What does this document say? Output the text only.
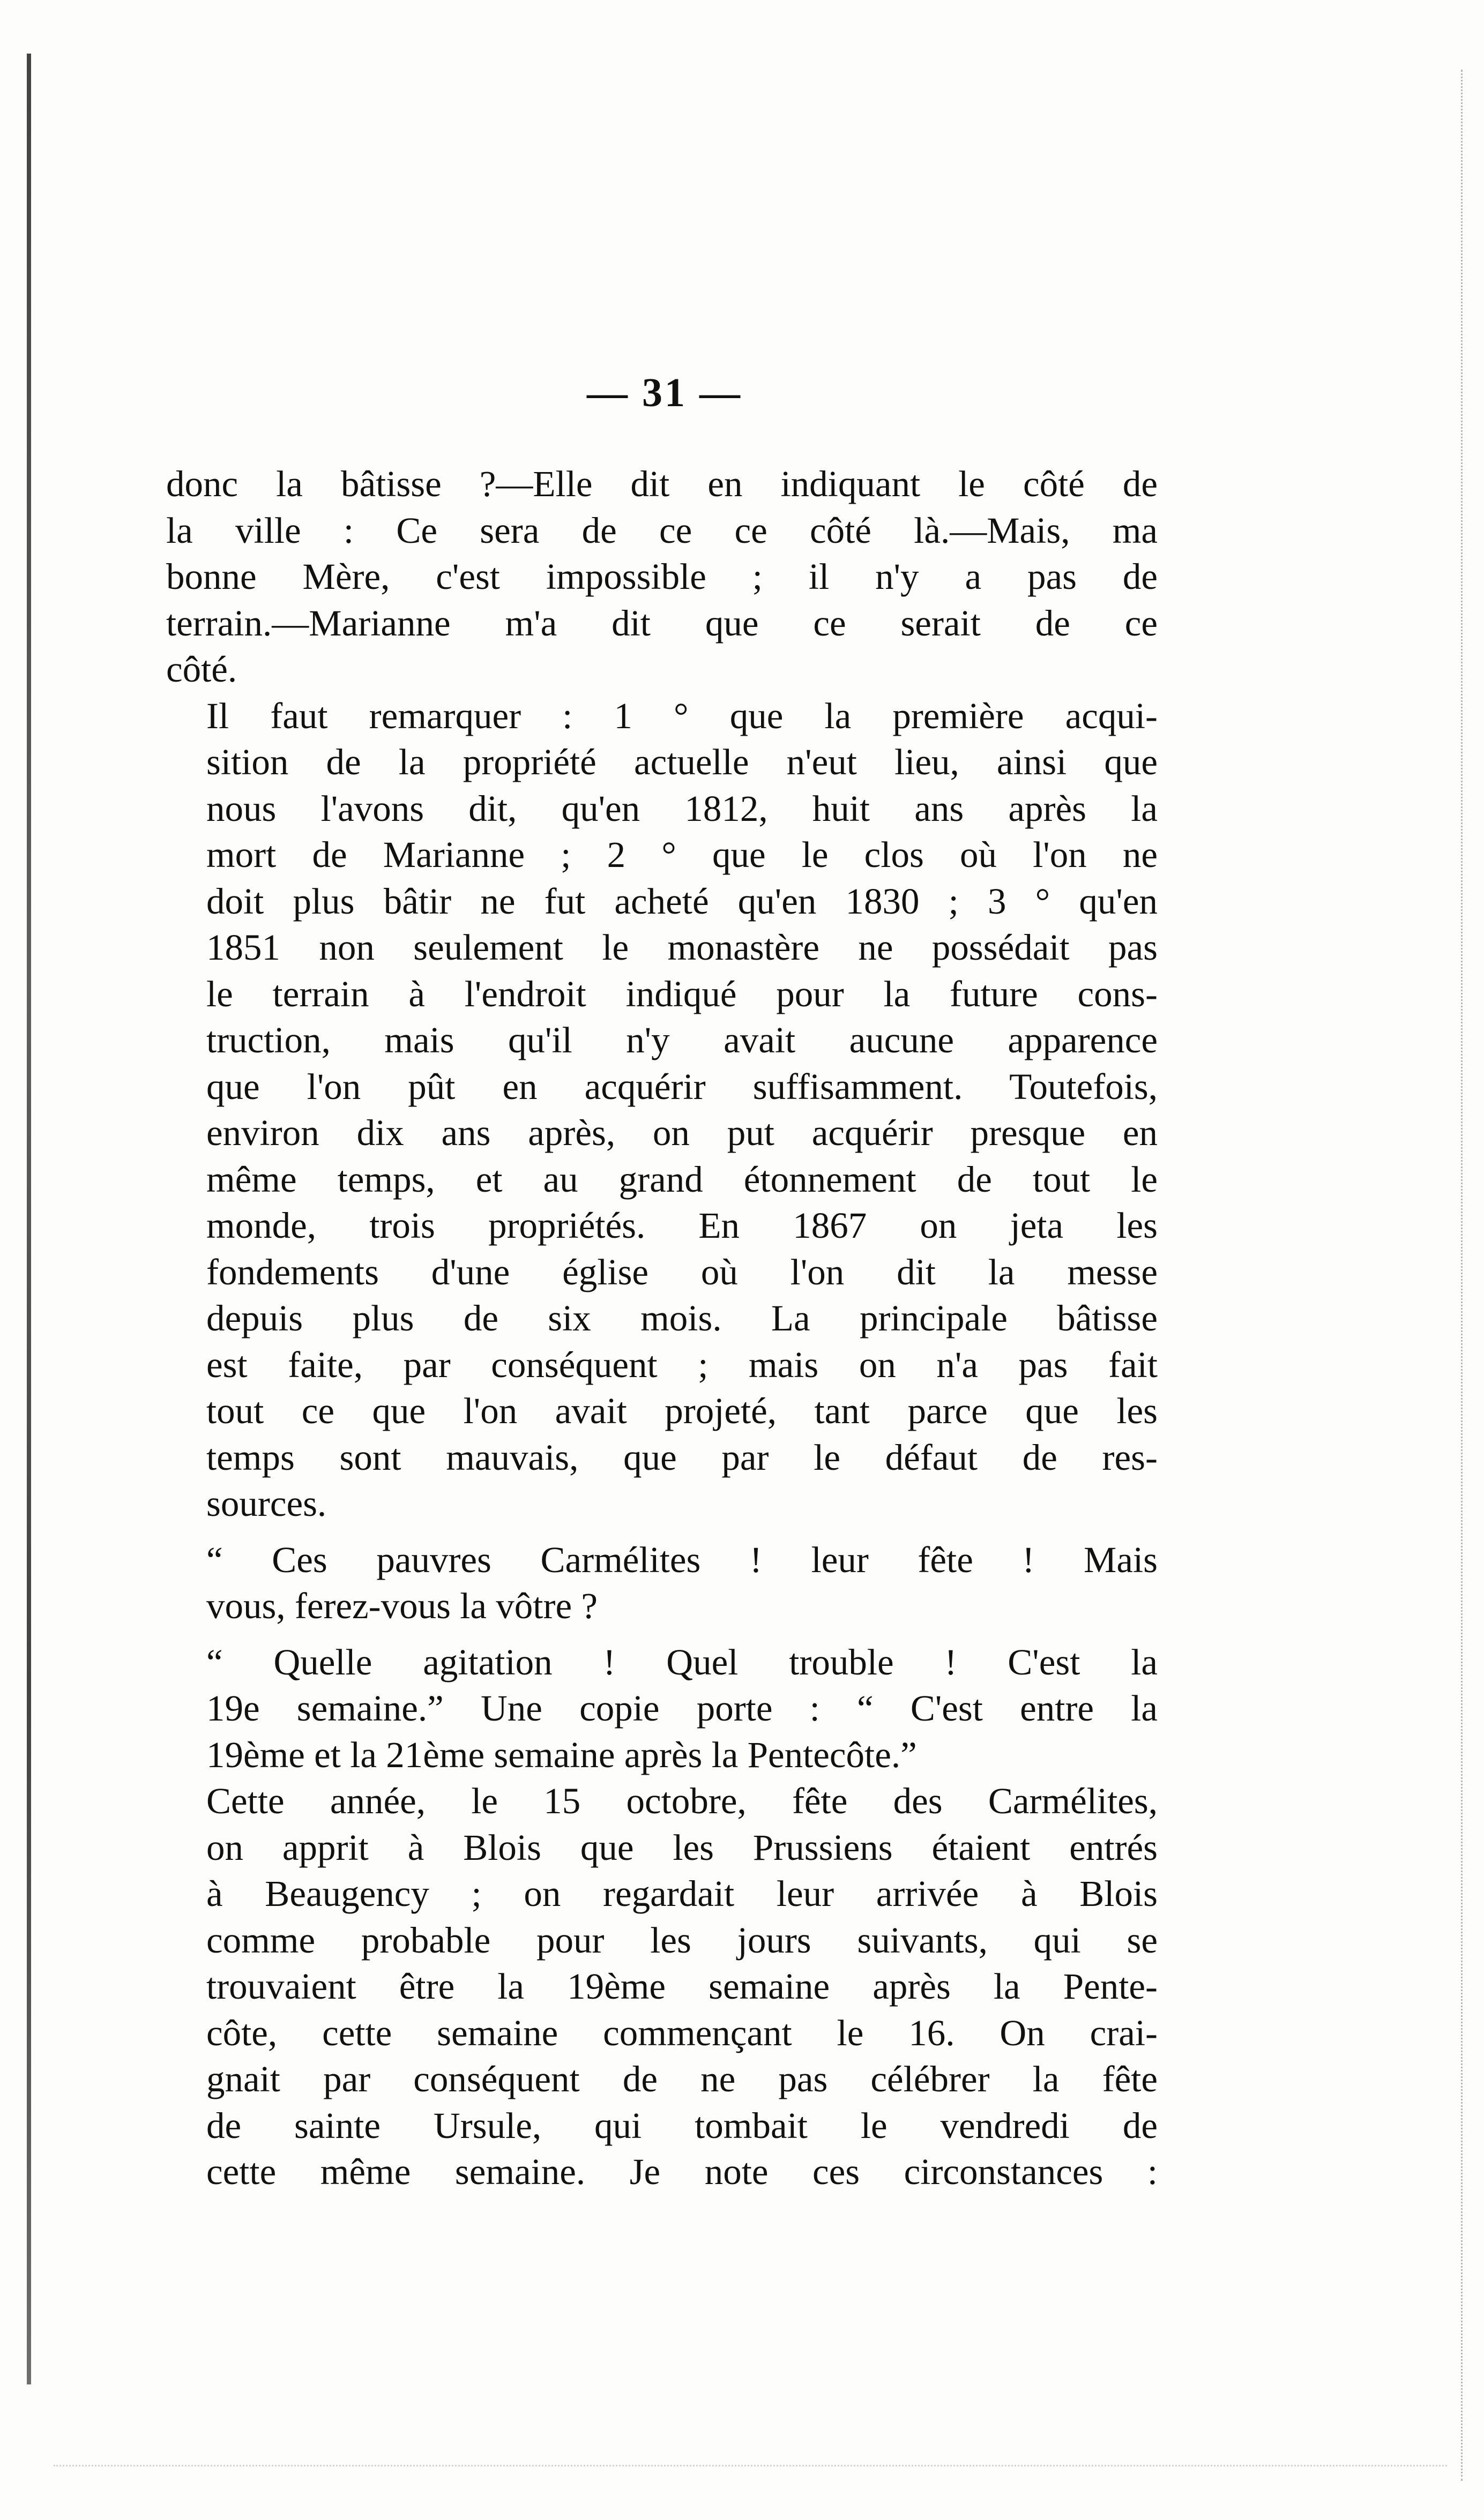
— 31 —
donc la bâtisse ?—Elle dit en indiquant le côté de
la ville : Ce sera de ce ce côté là.—Mais, ma
bonne Mère, c'est impossible ; il n'y a pas de
terrain.—Marianne m'a dit que ce serait de ce
côté.
Il faut remarquer : 1 ° que la première acqui-
sition de la propriété actuelle n'eut lieu, ainsi que
nous l'avons dit, qu'en 1812, huit ans après la
mort de Marianne ; 2 ° que le clos où l'on ne
doit plus bâtir ne fut acheté qu'en 1830 ; 3 ° qu'en
1851 non seulement le monastère ne possédait pas
le terrain à l'endroit indiqué pour la future cons-
truction, mais qu'il n'y avait aucune apparence
que l'on pût en acquérir suffisamment. Toutefois,
environ dix ans après, on put acquérir presque en
même temps, et au grand étonnement de tout le
monde, trois propriétés. En 1867 on jeta les
fondements d'une église où l'on dit la messe
depuis plus de six mois. La principale bâtisse
est faite, par conséquent ; mais on n'a pas fait
tout ce que l'on avait projeté, tant parce que les
temps sont mauvais, que par le défaut de res-
sources.
“ Ces pauvres Carmélites ! leur fête ! Mais
vous, ferez-vous la vôtre ?
“ Quelle agitation ! Quel trouble ! C'est la
19e semaine.” Une copie porte : “ C'est entre la
19ème et la 21ème semaine après la Pentecôte.”
Cette année, le 15 octobre, fête des Carmélites,
on apprit à Blois que les Prussiens étaient entrés
à Beaugency ; on regardait leur arrivée à Blois
comme probable pour les jours suivants, qui se
trouvaient être la 19ème semaine après la Pente-
côte, cette semaine commençant le 16. On crai-
gnait par conséquent de ne pas célébrer la fête
de sainte Ursule, qui tombait le vendredi de
cette même semaine. Je note ces circonstances :
